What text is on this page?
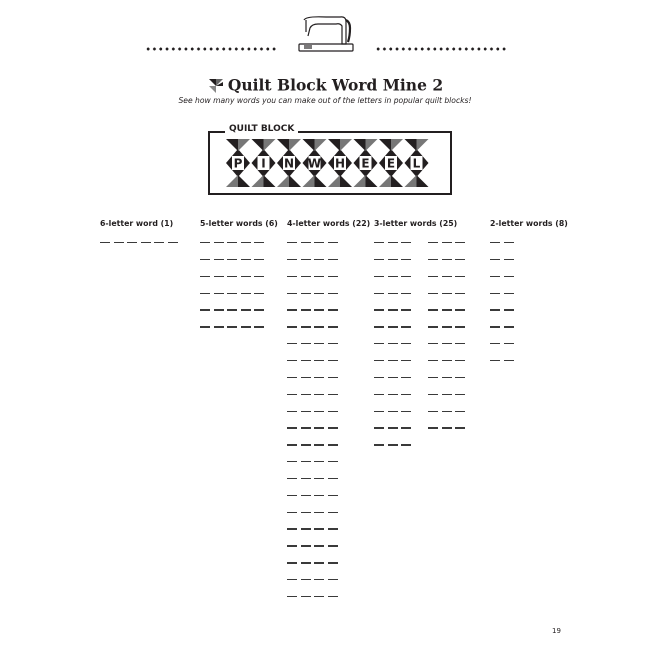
Quilt Block Word Mine 2
See how many words you can make out of the letters in popular quilt blocks!
P I N W H E E L
QUILT BLOCK
6-letter word (1)	5-letter words (6) 4-letter words (22) 3-letter words (25)	2-letter words (8)
19
